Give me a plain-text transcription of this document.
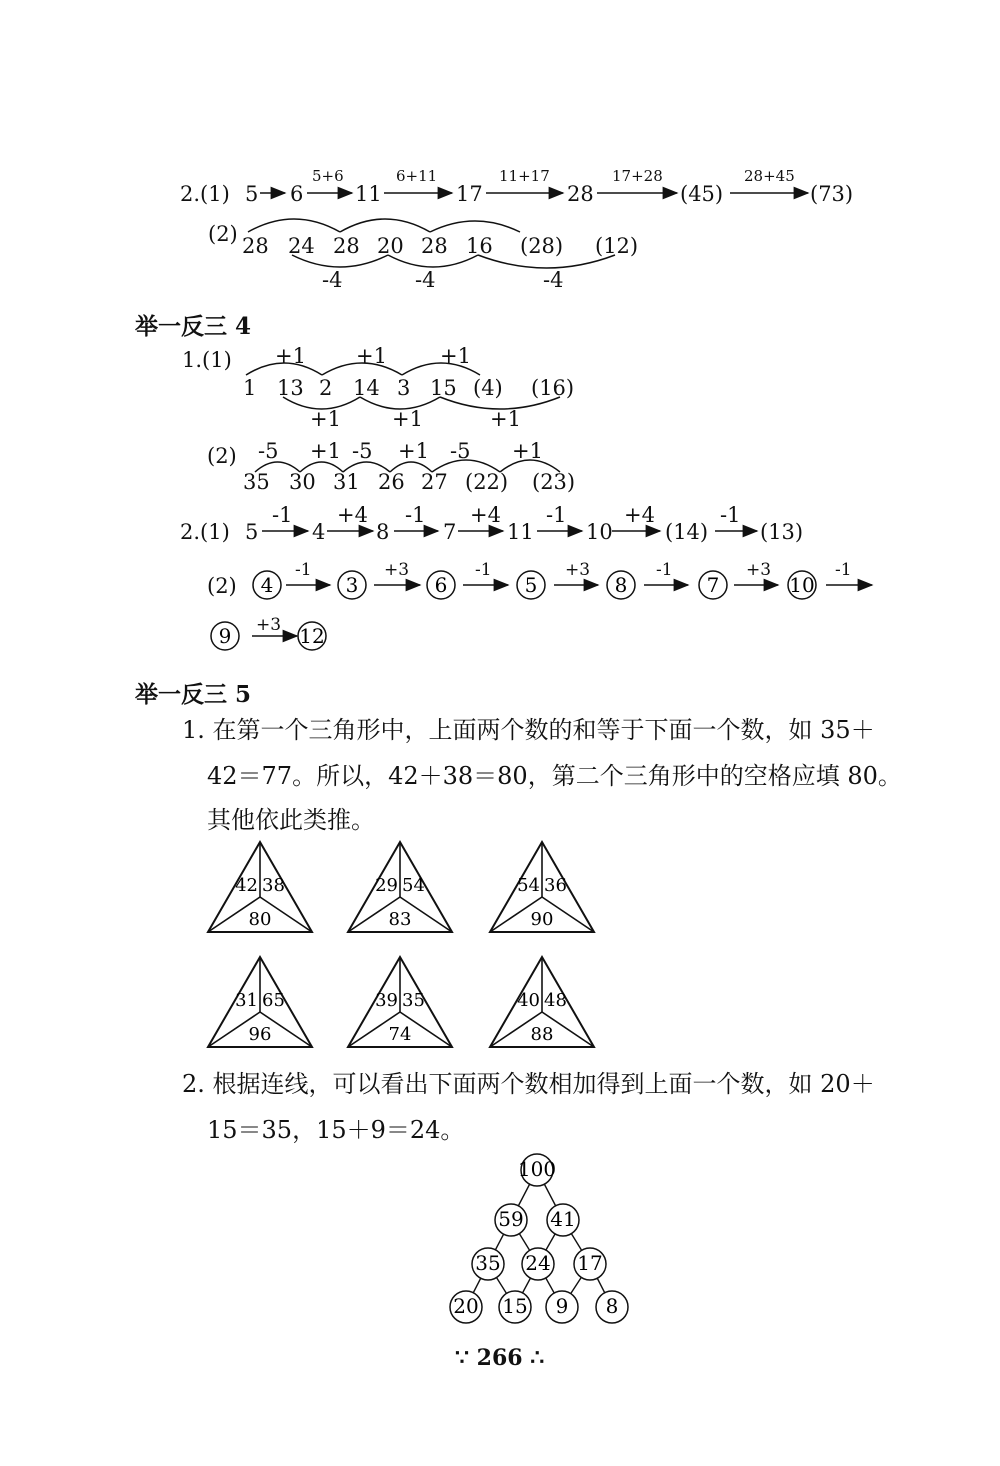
2.(1) 5 6 11	17	28	(45)	(73)
5+6	6+11	11+17	17+28	28+45
(2) 28 24 28 20 28 16 (28) (12)
-4	-4	-4
举一反三 4
1.(1)
1 13 2 14 3 15 (4) (16)
+1 +1	+1
+1 +1	+1
(2)
35 30 31 26 27 (22) (23)
-5 +1 -5 +1 -5 +1
2.(1) 5	4 8	7 11 10 (14) (13)
-1 +4 -1 +4 -1	+4	-1
(2)
-1	+3	-1	+3	-1	+3	-1
+3
举一反三 5
1. 在第一个三角形中，上面两个数的和等于下面一个数，如 35＋
42＝77。所以，42＋38＝80，第二个三角形中的空格应填 80。
其他依此类推。
2. 根据连线，可以看出下面两个数相加得到上面一个数，如 20＋
15＝35，15＋9＝24。
∵ 266 ∴
4	3	6	5	8	7	10
9	12
42 38
80
29 54
83
54 36
90
31 65
96
39 35
74
40 48
88
100
59 41
35 24 17
20 15 9 8
